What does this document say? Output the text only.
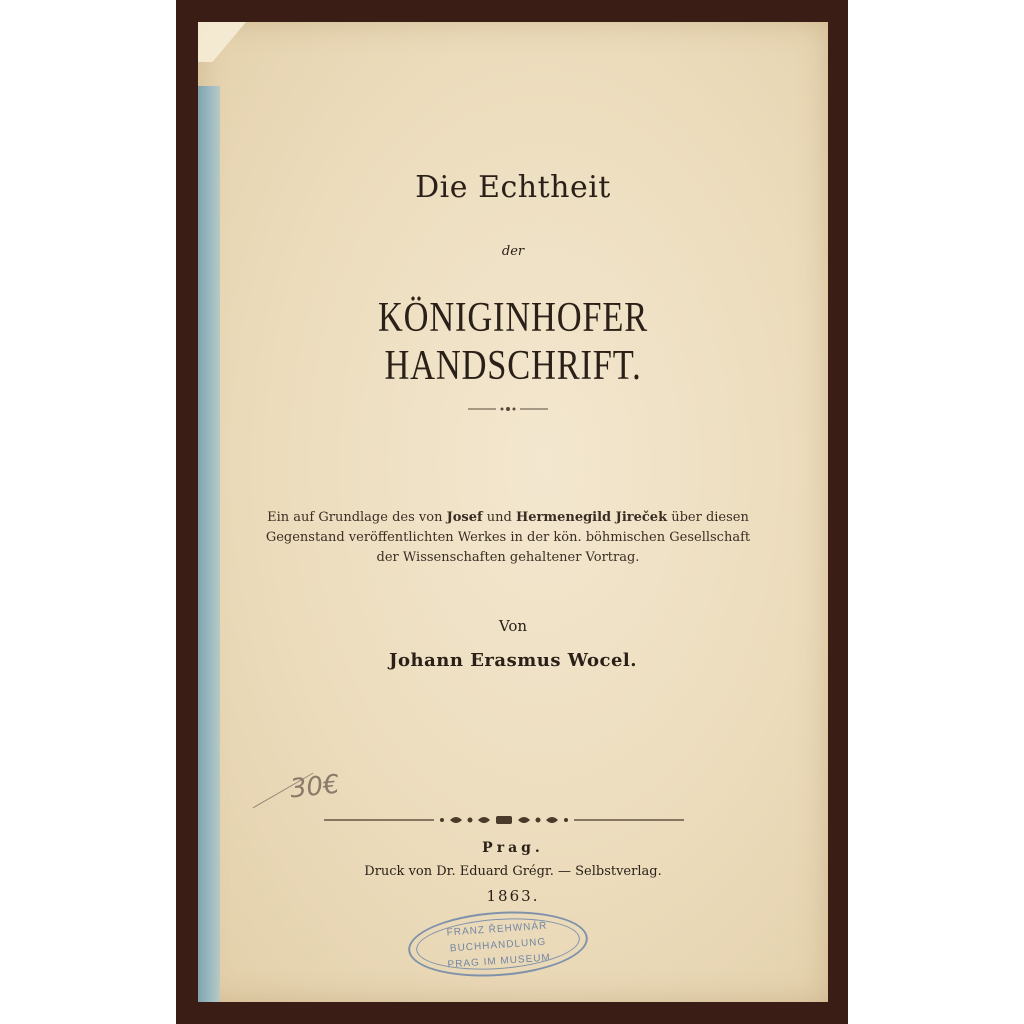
Die Echtheit
der
KÖNIGINHOFER HANDSCHRIFT.
Ein auf Grundlage des von Josef und Hermenegild Jireček über diesen Gegenstand veröffentlichten Werkes in der kön. böhmischen Gesellschaft der Wissenschaften gehaltener Vortrag.
Von
Johann Erasmus Wocel.
30€
Prag.
Druck von Dr. Eduard Grégr. — Selbstverlag.
1863.
FRANZ ŘEHWNÁŘ
BUCHHANDLUNG
PRAG IM MUSEUM
